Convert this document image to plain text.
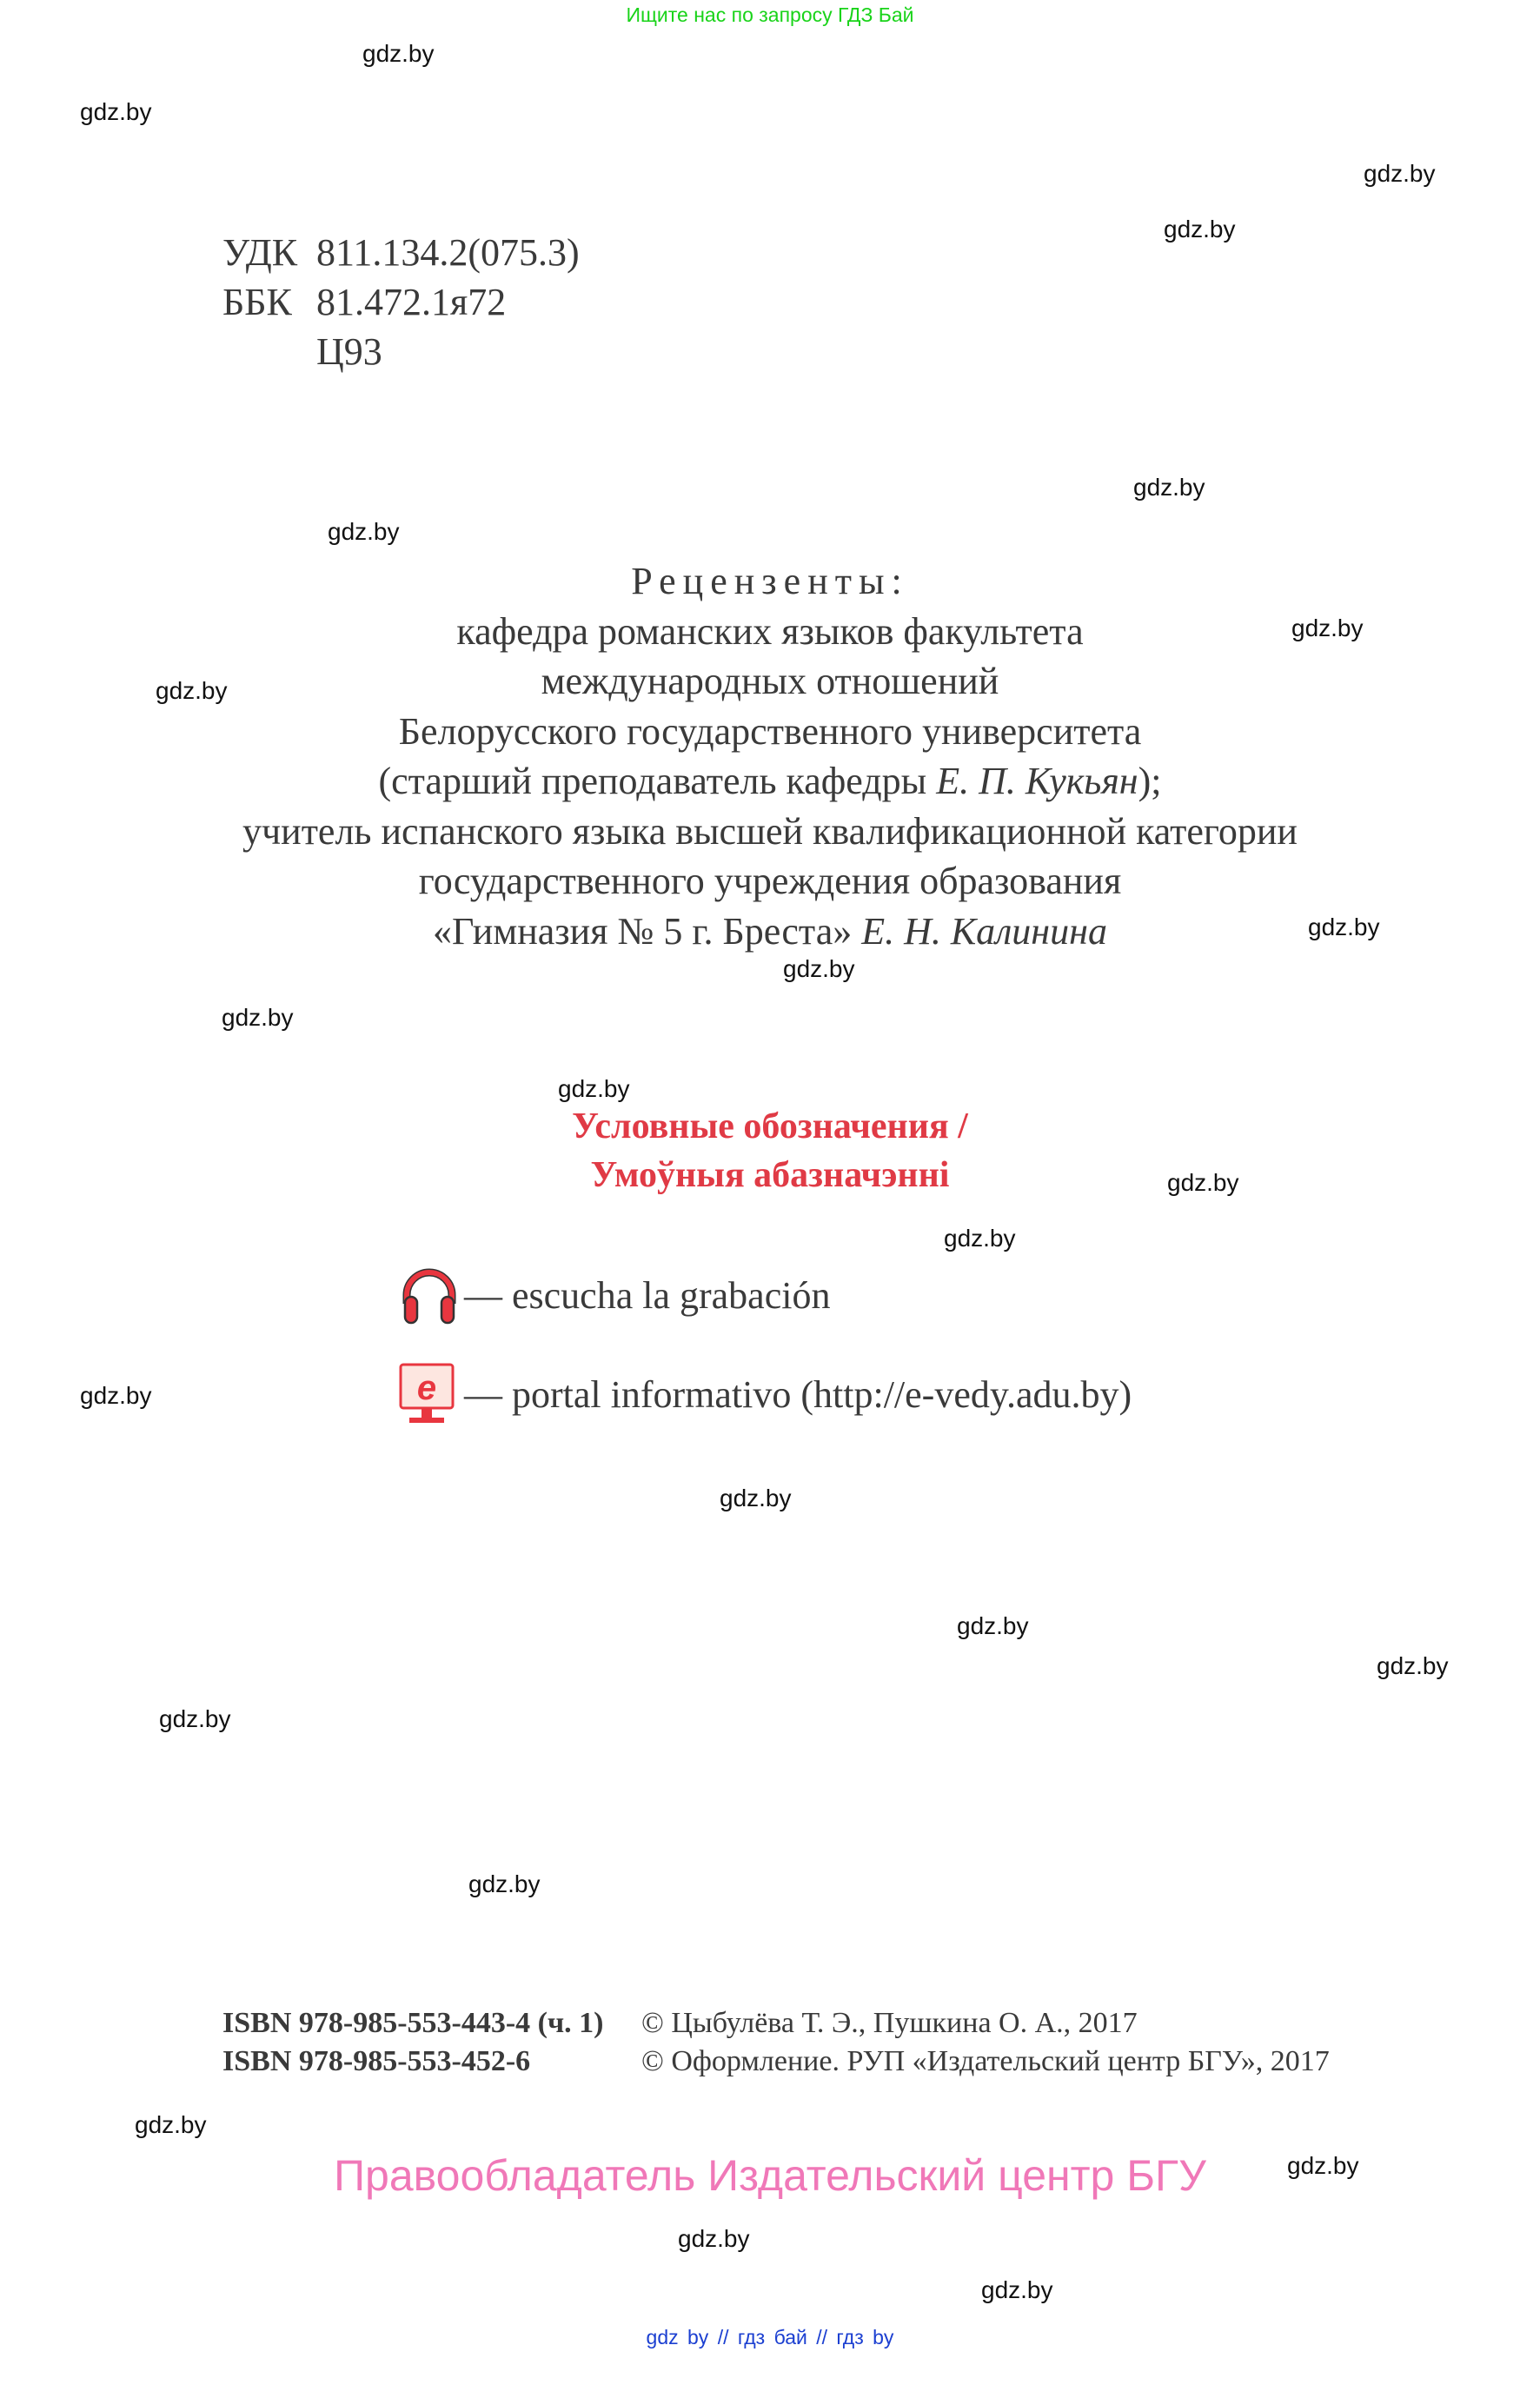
Ищите нас по запросу ГДЗ Бай
gdz.by
gdz.by
gdz.by
gdz.by
gdz.by
gdz.by
gdz.by
gdz.by
gdz.by
gdz.by
gdz.by
gdz.by
gdz.by
gdz.by
gdz.by
gdz.by
gdz.by
gdz.by
gdz.by
gdz.by
gdz.by
gdz.by
gdz.by
gdz.by
УДК 811.134.2(075.3)
ББК 81.472.1я72
Ц93
Рецензенты:
кафедра романских языков факультета
международных отношений
Белорусского государственного университета
(старший преподаватель кафедры Е. П. Кукьян);
учитель испанского языка высшей квалификационной категории
государственного учреждения образования
«Гимназия № 5 г. Бреста» Е. Н. Калинина
Условные обозначения /
Умоўныя абазначэнні
— escucha la grabación
e — portal informativo (http://e-vedy.adu.by)
ISBN 978-985-553-443-4 (ч. 1)	© Цыбулёва Т. Э., Пушкина О. А., 2017
ISBN 978-985-553-452-6	© Оформление. РУП «Издательский центр БГУ», 2017
Правообладатель Издательский центр БГУ
gdz by // гдз бай // гдз by
